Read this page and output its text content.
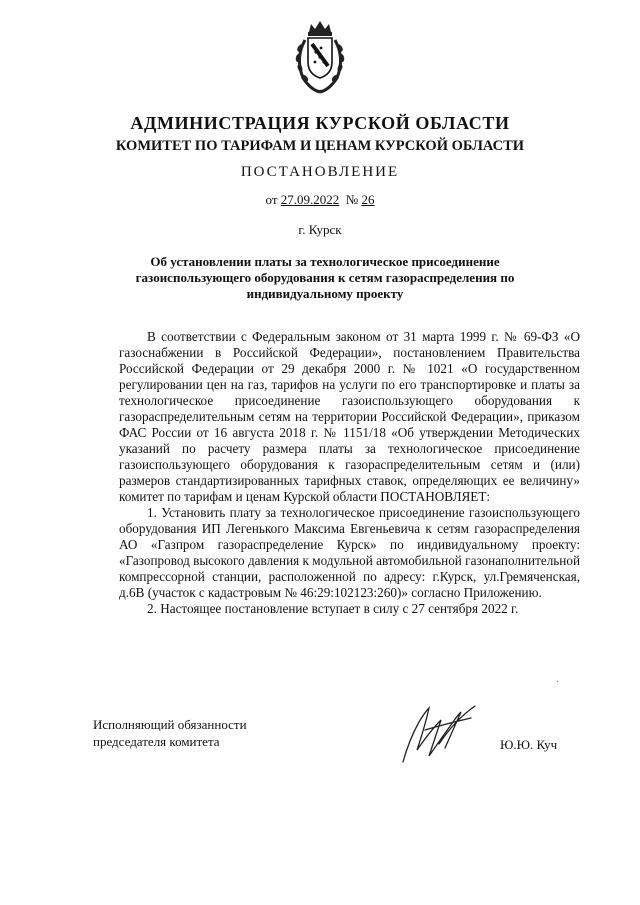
АДМИНИСТРАЦИЯ КУРСКОЙ ОБЛАСТИ
КОМИТЕТ ПО ТАРИФАМ И ЦЕНАМ КУРСКОЙ ОБЛАСТИ
ПОСТАНОВЛЕНИЕ
от 27.09.2022 № 26
г. Курск
Об установлении платы за технологическое присоединение газоиспользующего оборудования к сетям газораспределения по индивидуальному проекту

В соответствии с Федеральным законом от 31 марта 1999 г. № 69-ФЗ «О газоснабжении в Российской Федерации», постановлением Правительства Российской Федерации от 29 декабря 2000 г. № 1021 «О государственном регулировании цен на газ, тарифов на услуги по его транспортировке и платы за технологическое присоединение газоиспользующего оборудования к газораспределительным сетям на территории Российской Федерации», приказом ФАС России от 16 августа 2018 г. № 1151/18 «Об утверждении Методических указаний по расчету размера платы за технологическое присоединение газоиспользующего оборудования к газораспределительным сетям и (или) размеров стандартизированных тарифных ставок, определяющих ее величину» комитет по тарифам и ценам Курской области ПОСТАНОВЛЯЕТ:

1. Установить плату за технологическое присоединение газоиспользующего оборудования ИП Легенького Максима Евгеньевича к сетям газораспределения АО «Газпром газораспределение Курск» по индивидуальному проекту: «Газопровод высокого давления к модульной автомобильной газонаполнительной компрессорной станции, расположенной по адресу: г.Курск, ул.Гремяченская, д.6В (участок с кадастровым № 46:29:102123:260)» согласно Приложению.

2. Настоящее постановление вступает в силу с 27 сентября 2022 г.

Исполняющий обязанности
председателя комитета	Ю.Ю. Куч
·
